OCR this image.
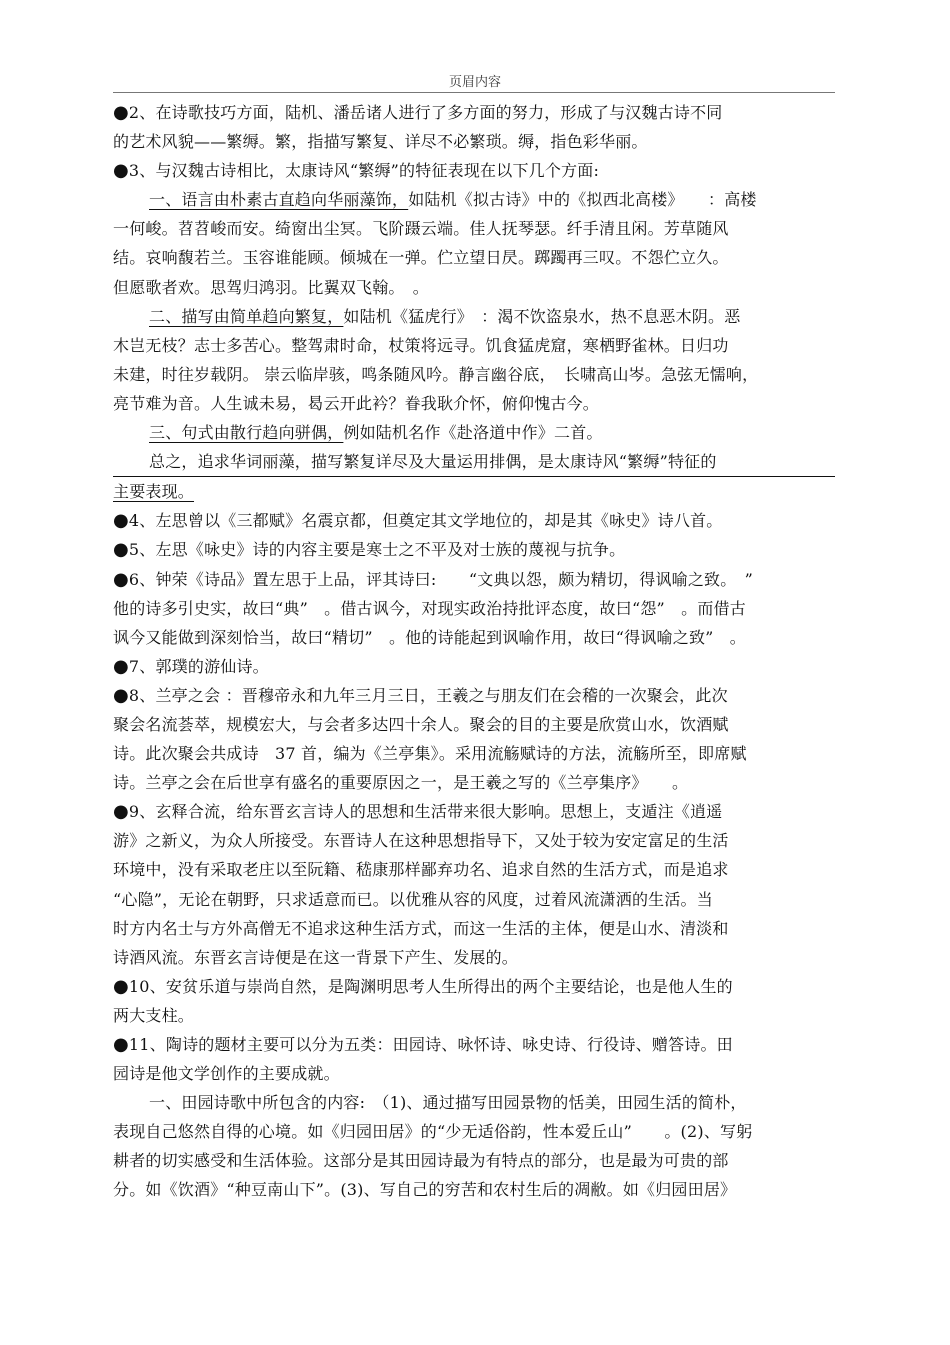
页眉内容
●2、在诗歌技巧方面，陆机、潘岳诸人进行了多方面的努力，形成了与汉魏古诗不同
的艺术风貌——繁缛。繁，指描写繁复、详尽不必繁琐。缛，指色彩华丽。
●3、与汉魏古诗相比，太康诗风“繁缛”的特征表现在以下几个方面:
一、语言由朴素古直趋向华丽藻饰，如陆机《拟古诗》中的《拟西北高楼》　　：高楼
一何峻。苕苕峻而安。绮窗出尘冥。飞阶蹑云端。佳人抚琴瑟。纤手清且闲。芳草随风
结。哀响馥若兰。玉容谁能顾。倾城在一弹。伫立望日昃。踯躅再三叹。不怨伫立久。
但愿歌者欢。思驾归鸿羽。比翼双飞翰。　。
二、描写由简单趋向繁复，如陆机《猛虎行》　：渴不饮盗泉水，热不息恶木阴。恶
木岂无枝？志士多苦心。整驾肃时命，杖策将远寻。饥食猛虎窟，寒栖野雀林。日归功
未建，时往岁载阴。 崇云临岸骇，鸣条随风吟。静言幽谷底，　长啸高山岑。急弦无懦响，
亮节难为音。人生诚未易，曷云开此衿？眷我耿介怀，俯仰愧古今。
三、句式由散行趋向骈偶，例如陆机名作《赴洛道中作》二首。
总之，追求华词丽藻，描写繁复详尽及大量运用排偶，是太康诗风“繁缛”特征的
主要表现。
●4、左思曾以《三都赋》名震京都，但奠定其文学地位的，却是其《咏史》诗八首。
●5、左思《咏史》诗的内容主要是寒士之不平及对士族的蔑视与抗争。
●6、钟荣《诗品》置左思于上品，评其诗曰:　　“文典以怨，颇为精切，得讽喻之致。　”
他的诗多引史实，故曰“典”　。借古讽今，对现实政治持批评态度，故曰“怨”　。而借古
讽今又能做到深刻恰当，故曰“精切”　。他的诗能起到讽喻作用，故曰“得讽喻之致”　。
●7、郭璞的游仙诗。
●8、兰亭之会 ：晋穆帝永和九年三月三日，王羲之与朋友们在会稽的一次聚会，此次
聚会名流荟萃，规模宏大，与会者多达四十余人。聚会的目的主要是欣赏山水，饮酒赋
诗。此次聚会共成诗　37 首，编为《兰亭集》。采用流觞赋诗的方法，流觞所至，即席赋
诗。兰亭之会在后世享有盛名的重要原因之一，是王羲之写的《兰亭集序》　　。
●9、玄释合流，给东晋玄言诗人的思想和生活带来很大影响。思想上，支遁注《逍遥
游》之新义，为众人所接受。东晋诗人在这种思想指导下，又处于较为安定富足的生活
环境中，没有采取老庄以至阮籍、嵇康那样鄙弃功名、追求自然的生活方式，而是追求
“心隐”，无论在朝野，只求适意而已。以优雅从容的风度，过着风流潇洒的生活。当
时方内名士与方外高僧无不追求这种生活方式，而这一生活的主体，便是山水、清淡和
诗酒风流。东晋玄言诗便是在这一背景下产生、发展的。
●10、安贫乐道与崇尚自然，是陶渊明思考人生所得出的两个主要结论，也是他人生的
两大支柱。
●11、陶诗的题材主要可以分为五类：田园诗、咏怀诗、咏史诗、行役诗、赠答诗。田
园诗是他文学创作的主要成就。
一、田园诗歌中所包含的内容:　（1)、通过描写田园景物的恬美，田园生活的简朴，
表现自己悠然自得的心境。如《归园田居》的“少无适俗韵，性本爱丘山”　　。(2)、写躬
耕者的切实感受和生活体验。这部分是其田园诗最为有特点的部分，也是最为可贵的部
分。如《饮酒》“种豆南山下”。(3)、写自己的穷苦和农村生后的凋敝。如《归园田居》
